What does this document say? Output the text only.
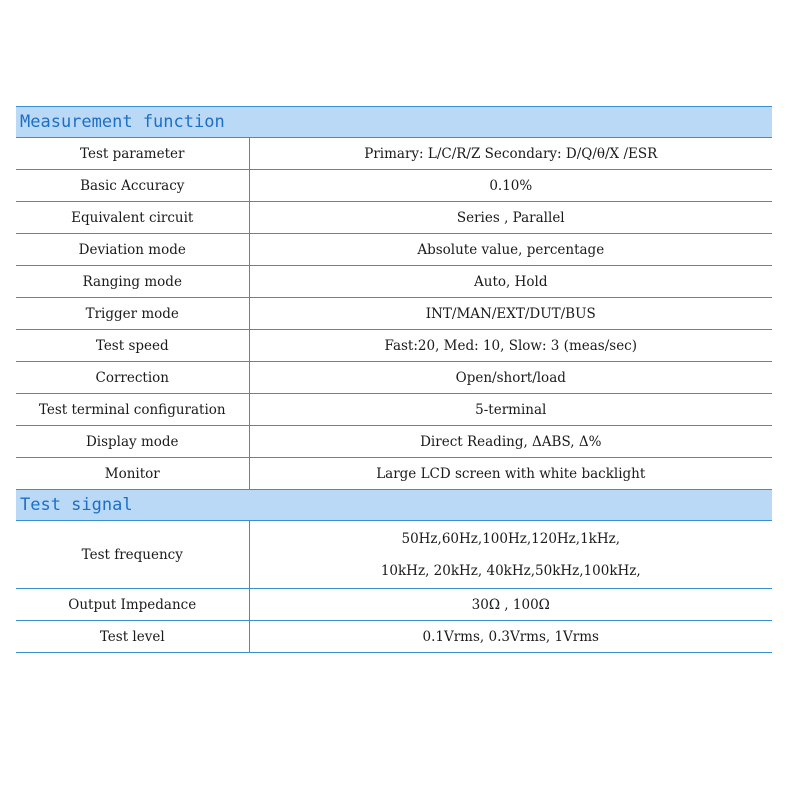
Measurement function	
Test parameter	Primary: L/C/R/Z Secondary: D/Q/θ/X /ESR
Basic Accuracy	0.10%
Equivalent circuit	Series , Parallel
Deviation mode	Absolute value, percentage
Ranging mode	Auto, Hold
Trigger mode	INT/MAN/EXT/DUT/BUS
Test speed	Fast:20, Med: 10, Slow: 3 (meas/sec)
Correction	Open/short/load
Test terminal configuration	5-terminal
Display mode	Direct Reading, ΔABS, Δ%
Monitor	Large LCD screen with white backlight
Test signal	
Test frequency	50Hz,60Hz,100Hz,120Hz,1kHz,
10kHz, 20kHz, 40kHz,50kHz,100kHz,

Output Impedance	30Ω , 100Ω
Test level	0.1Vrms, 0.3Vrms, 1Vrms
